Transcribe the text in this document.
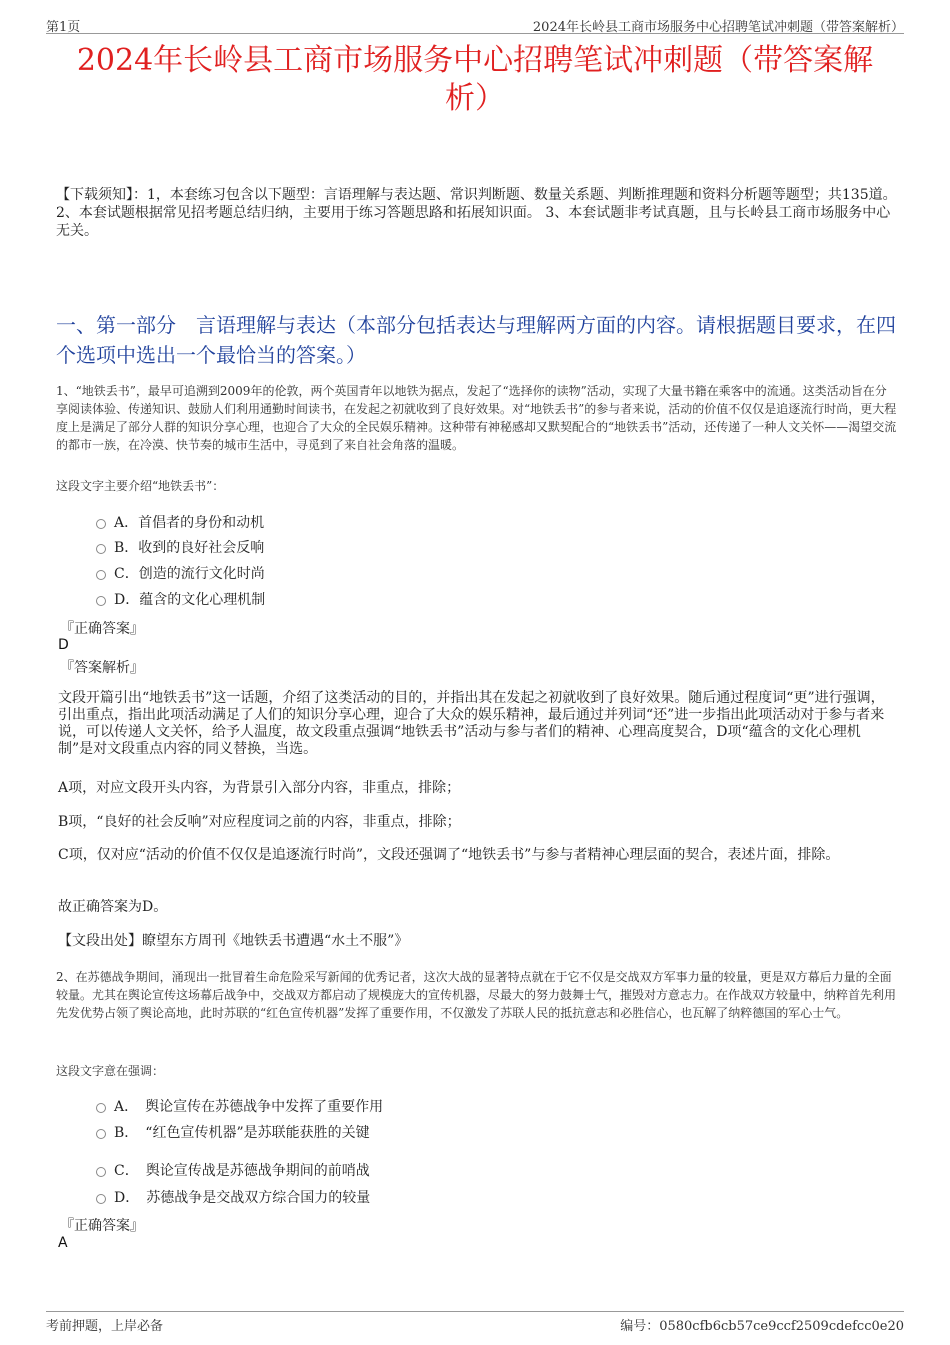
第1页	2024年长岭县工商市场服务中心招聘笔试冲刺题（带答案解析）
2024年长岭县工商市场服务中心招聘笔试冲刺题（带答案解析）
【下载须知】：1，本套练习包含以下题型：言语理解与表达题、常识判断题、数量关系题、判断推理题和资料分析题等题型；共135道。 2、本套试题根据常见招考题总结归纳，主要用于练习答题思路和拓展知识面。 3、本套试题非考试真题，且与长岭县工商市场服务中心无关。
一、第一部分　言语理解与表达（本部分包括表达与理解两方面的内容。请根据题目要求，在四个选项中选出一个最恰当的答案。）
1、“地铁丢书”，最早可追溯到2009年的伦敦，两个英国青年以地铁为据点，发起了“选择你的读物”活动，实现了大量书籍在乘客中的流通。这类活动旨在分享阅读体验、传递知识、鼓励人们利用通勤时间读书，在发起之初就收到了良好效果。对“地铁丢书”的参与者来说，活动的价值不仅仅是追逐流行时尚，更大程度上是满足了部分人群的知识分享心理，也迎合了大众的全民娱乐精神。这种带有神秘感却又默契配合的“地铁丢书”活动，还传递了一种人文关怀——渴望交流的都市一族，在冷漠、快节奏的城市生活中，寻觅到了来自社会角落的温暖。
这段文字主要介绍“地铁丢书”：
A．首倡者的身份和动机
B．收到的良好社会反响
C．创造的流行文化时尚
D．蕴含的文化心理机制
『正确答案』
D
『答案解析』
文段开篇引出“地铁丢书”这一话题，介绍了这类活动的目的，并指出其在发起之初就收到了良好效果。随后通过程度词“更”进行强调，引出重点，指出此项活动满足了人们的知识分享心理，迎合了大众的娱乐精神，最后通过并列词“还”进一步指出此项活动对于参与者来说，可以传递人文关怀，给予人温度，故文段重点强调“地铁丢书”活动与参与者们的精神、心理高度契合，D项“蕴含的文化心理机制”是对文段重点内容的同义替换，当选。
A项，对应文段开头内容，为背景引入部分内容，非重点，排除；
B项，“良好的社会反响”对应程度词之前的内容，非重点，排除；
C项，仅对应“活动的价值不仅仅是追逐流行时尚”，文段还强调了“地铁丢书”与参与者精神心理层面的契合，表述片面，排除。
故正确答案为D。
【文段出处】瞭望东方周刊《地铁丢书遭遇“水土不服”》
2、在苏德战争期间，涌现出一批冒着生命危险采写新闻的优秀记者，这次大战的显著特点就在于它不仅是交战双方军事力量的较量，更是双方幕后力量的全面较量。尤其在舆论宣传这场幕后战争中，交战双方都启动了规模庞大的宣传机器，尽最大的努力鼓舞士气，摧毁对方意志力。在作战双方较量中，纳粹首先利用先发优势占领了舆论高地，此时苏联的“红色宣传机器”发挥了重要作用，不仅激发了苏联人民的抵抗意志和必胜信心，也瓦解了纳粹德国的军心士气。
这段文字意在强调：
A．　舆论宣传在苏德战争中发挥了重要作用
B．　“红色宣传机器”是苏联能获胜的关键
C．　舆论宣传战是苏德战争期间的前哨战
D．　苏德战争是交战双方综合国力的较量
『正确答案』
A
考前押题，上岸必备	编号：0580cfb6cb57ce9ccf2509cdefcc0e20
